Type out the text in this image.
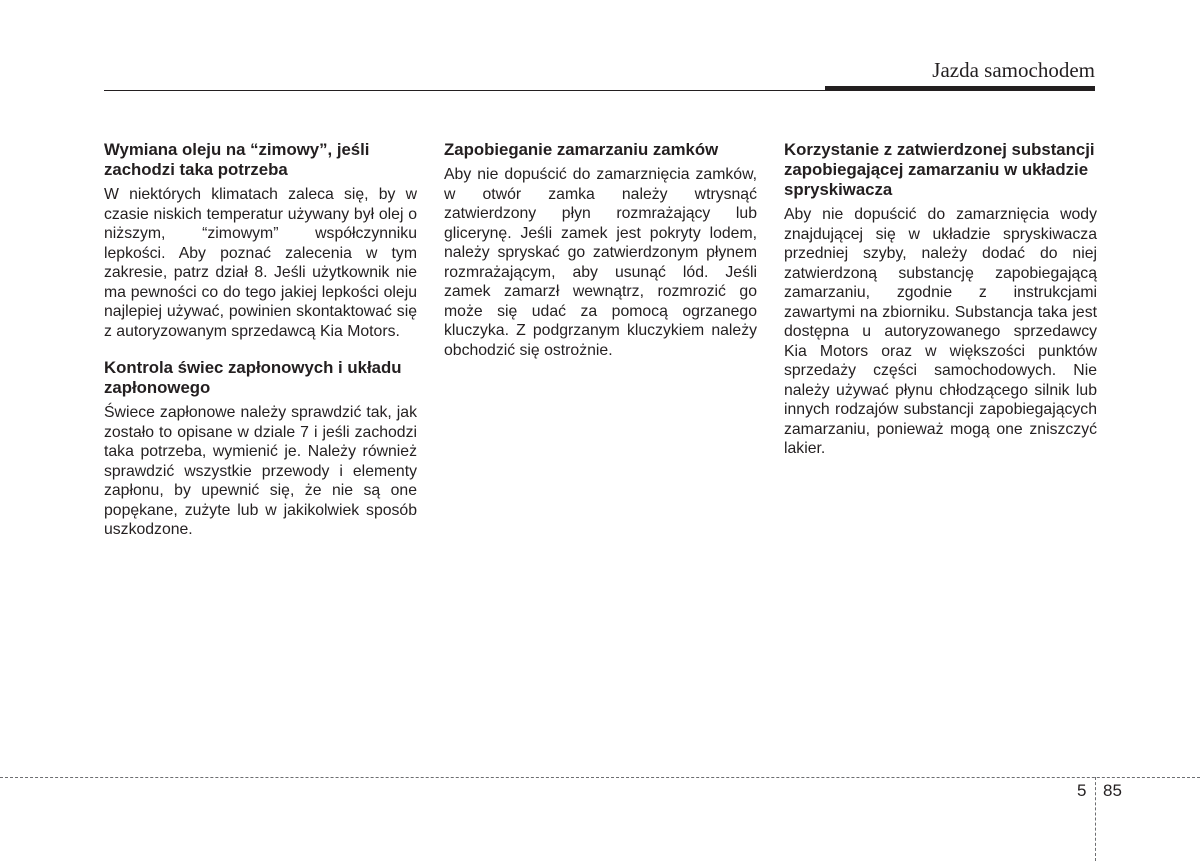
Jazda samochodem
Wymiana oleju na “zimowy”, jeśli zachodzi taka potrzeba

W niektórych klimatach zaleca się, by w czasie niskich temperatur używany był olej o niższym, “zimowym” współczynniku lepkości. Aby poznać zalecenia w tym zakresie, patrz dział 8. Jeśli użytkownik nie ma pewności co do tego jakiej lepkości oleju najlepiej używać, powinien skontaktować się z autoryzowanym sprzedawcą Kia Motors.

Kontrola świec zapłonowych i układu zapłonowego

Świece zapłonowe należy sprawdzić tak, jak zostało to opisane w dziale 7 i jeśli zachodzi taka potrzeba, wymienić je. Należy również sprawdzić wszystkie przewody i elementy zapłonu, by upewnić się, że nie są one popękane, zużyte lub w jakikolwiek sposób uszkodzone.

Zapobieganie zamarzaniu zamków

Aby nie dopuścić do zamarznięcia zamków, w otwór zamka należy wtrysnąć zatwierdzony płyn rozmrażający lub glicerynę. Jeśli zamek jest pokryty lodem, należy spryskać go zatwierdzonym płynem rozmrażającym, aby usunąć lód. Jeśli zamek zamarzł wewnątrz, rozmrozić go może się udać za pomocą ogrzanego kluczyka. Z podgrzanym kluczykiem należy obchodzić się ostrożnie.

Korzystanie z zatwierdzonej substancji zapobiegającej zamarzaniu w układzie spryskiwacza

Aby nie dopuścić do zamarznięcia wody znajdującej się w układzie spryskiwacza przedniej szyby, należy dodać do niej zatwierdzoną substancję zapobiegającą zamarzaniu, zgodnie z instrukcjami zawartymi na zbiorniku. Substancja taka jest dostępna u autoryzowanego sprzedawcy Kia Motors oraz w większości punktów sprzedaży części samochodowych. Nie należy używać płynu chłodzącego silnik lub innych rodzajów substancji zapobiegających zamarzaniu, ponieważ mogą one zniszczyć lakier.

5 85
